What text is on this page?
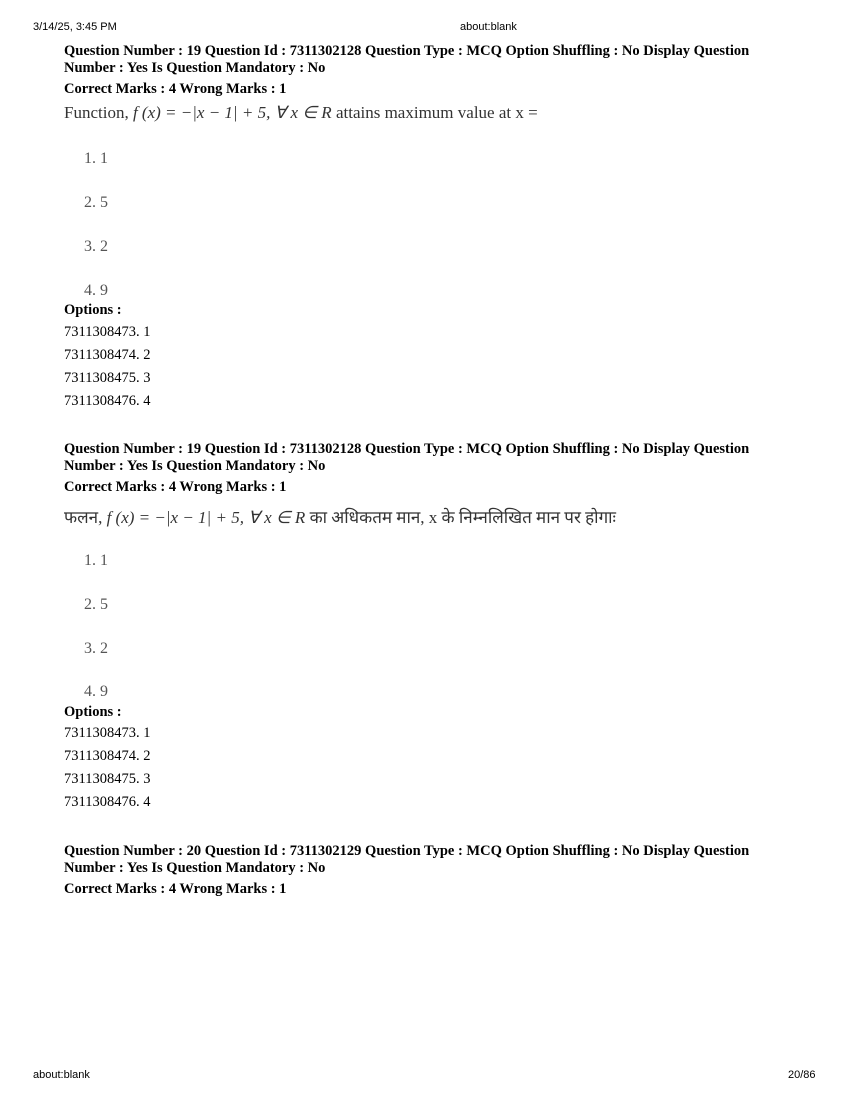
3/14/25, 3:45 PM	about:blank
about:blank	20/86
Question Number : 19 Question Id : 7311302128 Question Type : MCQ Option Shuffling : No Display Question Number : Yes Is Question Mandatory : No
Correct Marks : 4 Wrong Marks : 1
Function, f (x) = −|x − 1| + 5, ∀ x ∈ R attains maximum value at x =
1. 1
2. 5
3. 2
4. 9
Options :
7311308473. 1
7311308474. 2
7311308475. 3
7311308476. 4
Question Number : 19 Question Id : 7311302128 Question Type : MCQ Option Shuffling : No Display Question Number : Yes Is Question Mandatory : No
Correct Marks : 4 Wrong Marks : 1
फलन, f (x) = −|x − 1| + 5, ∀ x ∈ R का अधिकतम मान, x के निम्नलिखित मान पर होगाः
1. 1
2. 5
3. 2
4. 9
Options :
7311308473. 1
7311308474. 2
7311308475. 3
7311308476. 4
Question Number : 20 Question Id : 7311302129 Question Type : MCQ Option Shuffling : No Display Question Number : Yes Is Question Mandatory : No
Correct Marks : 4 Wrong Marks : 1
